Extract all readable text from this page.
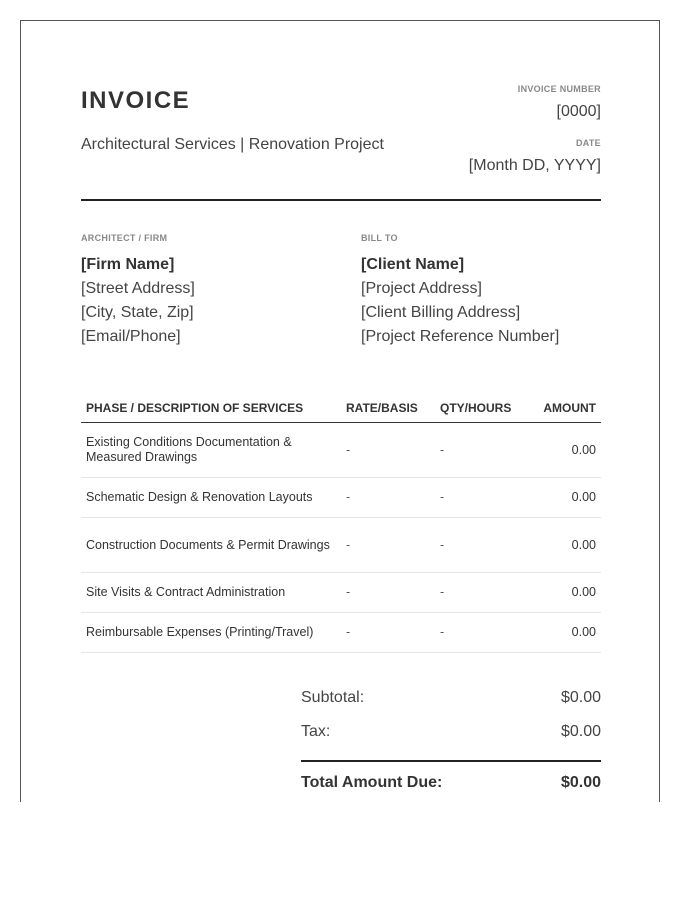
INVOICE
Architectural Services | Renovation Project
INVOICE NUMBER
[0000]
DATE
[Month DD, YYYY]
ARCHITECT / FIRM
[Firm Name]
[Street Address]
[City, State, Zip]
[Email/Phone]
BILL TO
[Client Name]
[Project Address]
[Client Billing Address]
[Project Reference Number]
PHASE / DESCRIPTION OF SERVICES	RATE/BASIS	QTY/HOURS	AMOUNT
Existing Conditions Documentation & Measured Drawings	-	-	0.00
Schematic Design & Renovation Layouts	-	-	0.00
Construction Documents & Permit Drawings	-	-	0.00
Site Visits & Contract Administration	-	-	0.00
Reimbursable Expenses (Printing/Travel)	-	-	0.00
Subtotal:	$0.00
Tax:	$0.00
Total Amount Due:	$0.00
